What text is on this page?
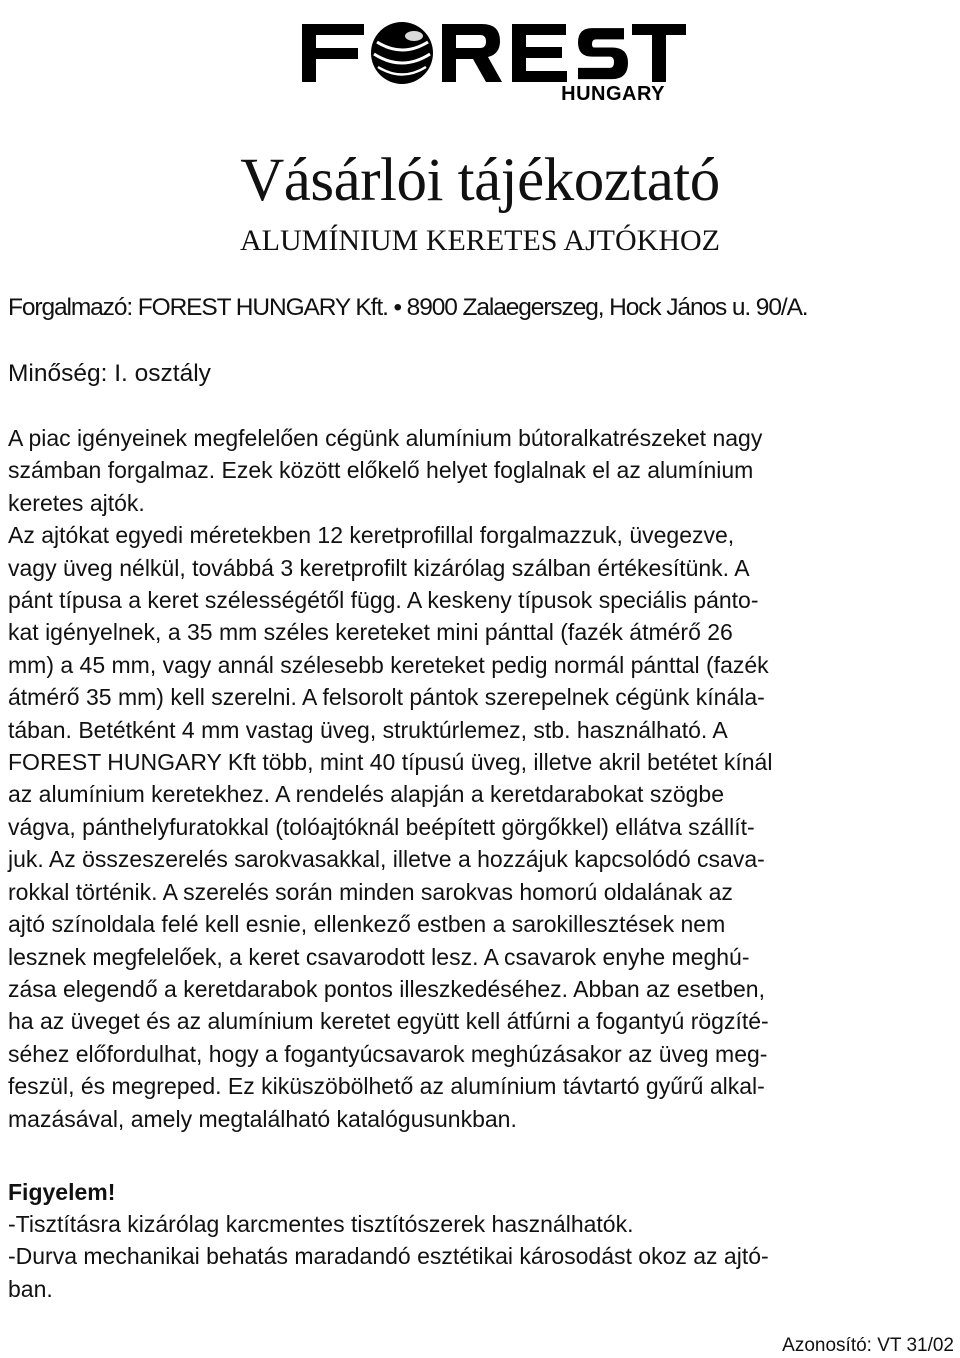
HUNGARY
Vásárlói tájékoztató
ALUMÍNIUM KERETES AJTÓKHOZ
Forgalmazó: FOREST HUNGARY Kft. • 8900 Zalaegerszeg, Hock János u. 90/A.
Minőség: I. osztály
A piac igényeinek megfelelően cégünk alumínium bútoralkatrészeket nagy
számban forgalmaz. Ezek között előkelő helyet foglalnak el az alumínium
keretes ajtók.
Az ajtókat egyedi méretekben 12 keretprofillal forgalmazzuk, üvegezve,
vagy üveg nélkül, továbbá 3 keretprofilt kizárólag szálban értékesítünk. A
pánt típusa a keret szélességétől függ. A keskeny típusok speciális pánto-
kat igényelnek, a 35 mm széles kereteket mini pánttal (fazék átmérő 26
mm) a 45 mm, vagy annál szélesebb kereteket pedig normál pánttal (fazék
átmérő 35 mm) kell szerelni. A felsorolt pántok szerepelnek cégünk kínála-
tában. Betétként 4 mm vastag üveg, struktúrlemez, stb. használható. A
FOREST HUNGARY Kft több, mint 40 típusú üveg, illetve akril betétet kínál
az alumínium keretekhez. A rendelés alapján a keretdarabokat szögbe
vágva, pánthelyfuratokkal (tolóajtóknál beépített görgőkkel) ellátva szállít-
juk. Az összeszerelés sarokvasakkal, illetve a hozzájuk kapcsolódó csava-
rokkal történik. A szerelés során minden sarokvas homorú oldalának az
ajtó színoldala felé kell esnie, ellenkező estben a sarokillesztések nem
lesznek megfelelőek, a keret csavarodott lesz. A csavarok enyhe meghú-
zása elegendő a keretdarabok pontos illeszkedéséhez. Abban az esetben,
ha az üveget és az alumínium keretet együtt kell átfúrni a fogantyú rögzíté-
séhez előfordulhat, hogy a fogantyúcsavarok meghúzásakor az üveg meg-
feszül, és megreped. Ez kiküszöbölhető az alumínium távtartó gyűrű alkal-
mazásával, amely megtalálható katalógusunkban.
Figyelem!
-Tisztításra kizárólag karcmentes tisztítószerek használhatók.
-Durva mechanikai behatás maradandó esztétikai károsodást okoz az ajtó-
ban.
Azonosító: VT 31/02
